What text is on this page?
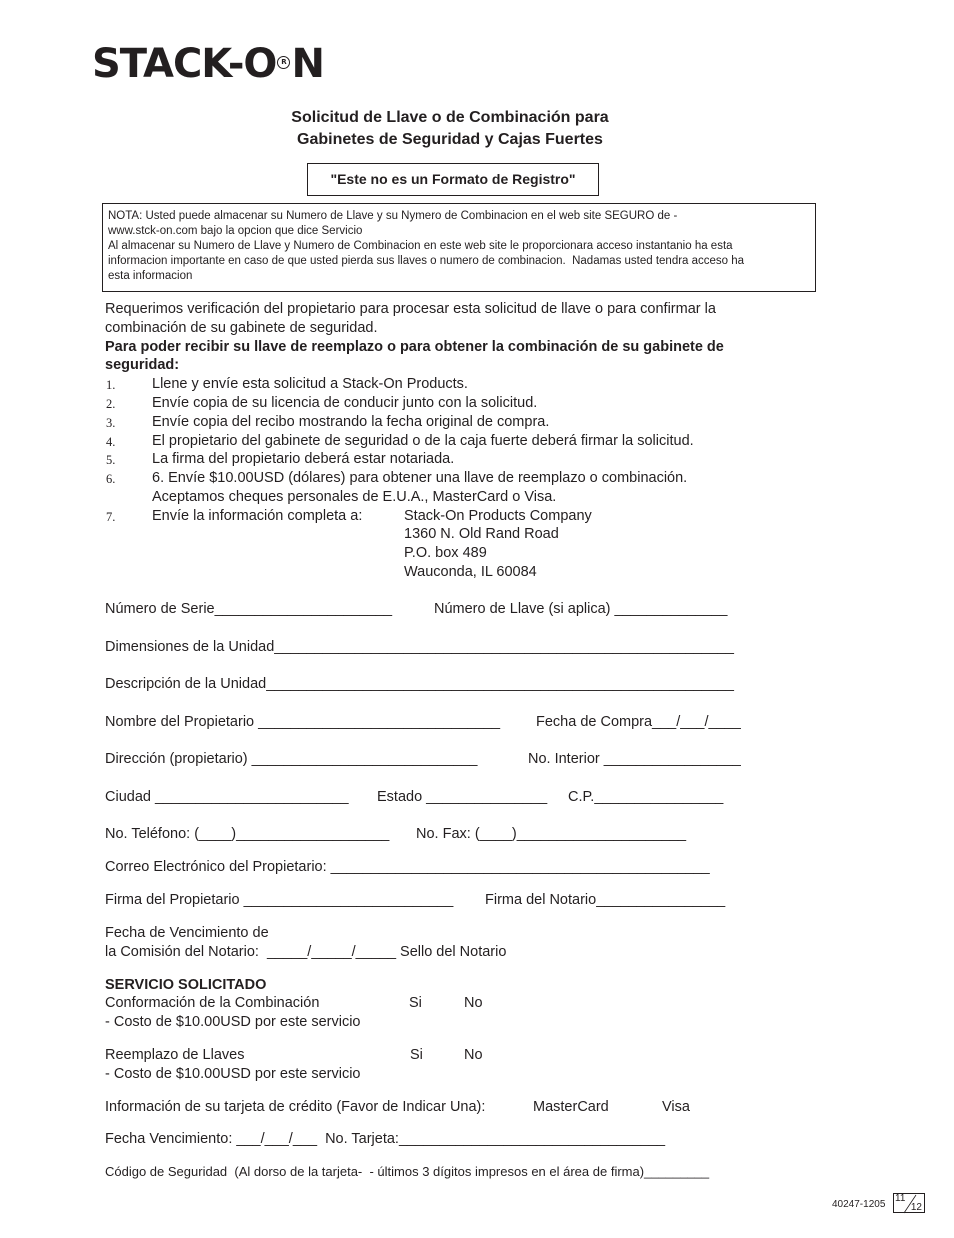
STACK-O R N
Solicitud de Llave o de Combinación para
Gabinetes de Seguridad y Cajas Fuertes
"Este no es un Formato de Registro"
NOTA: Usted puede almacenar su Numero de Llave y su Nymero de Combinacion en el web site SEGURO de -
www.stck-on.com bajo la opcion que dice Servicio
Al almacenar su Numero de Llave y Numero de Combinacion en este web site le proporcionara acceso instantanio ha esta
informacion importante en caso de que usted pierda sus llaves o numero de combinacion.  Nadamas usted tendra acceso ha
esta informacion
Requerimos verificación del propietario para procesar esta solicitud de llave o para confirmar la
combinación de su gabinete de seguridad.
Para poder recibir su llave de reemplazo o para obtener la combinación de su gabinete de
seguridad:
1.	Llene y envíe esta solicitud a Stack-On Products.
2.	Envíe copia de su licencia de conducir junto con la solicitud.
3.	Envíe copia del recibo mostrando la fecha original de compra.
4.	El propietario del gabinete de seguridad o de la caja fuerte deberá firmar la solicitud.
5.	La firma del propietario deberá estar notariada.
6.	6. Envíe $10.00USD (dólares) para obtener una llave de reemplazo o combinación.
Aceptamos cheques personales de E.U.A., MasterCard o Visa.
7.	Envíe la información completa a:	Stack-On Products Company
1360 N. Old Rand Road
P.O. box 489
Wauconda, IL 60084
Número de Serie______________________	Número de Llave (si aplica) ______________
Dimensiones de la Unidad_________________________________________________________
Descripción de la Unidad__________________________________________________________
Nombre del Propietario ______________________________ Fecha de Compra___/___/____
Dirección (propietario) ____________________________	No. Interior _________________
Ciudad ________________________ Estado _______________ C.P.________________
No. Teléfono: (____)___________________ No. Fax: (____)_____________________
Correo Electrónico del Propietario: _______________________________________________
Firma del Propietario __________________________ Firma del Notario________________
Fecha de Vencimiento de
la Comisión del Notario:  _____/_____/_____ Sello del Notario
SERVICIO SOLICITADO
Conformación de la Combinación	Si	No
- Costo de $10.00USD por este servicio
Reemplazo de Llaves	Si	No
- Costo de $10.00USD por este servicio
Información de su tarjeta de crédito (Favor de Indicar Una):	MasterCard	Visa
Fecha Vencimiento: ___/___/___  No. Tarjeta:_________________________________
Código de Seguridad  (Al dorso de la tarjeta-  - últimos 3 dígitos impresos en el área de firma)_________
40247-1205

11

12
